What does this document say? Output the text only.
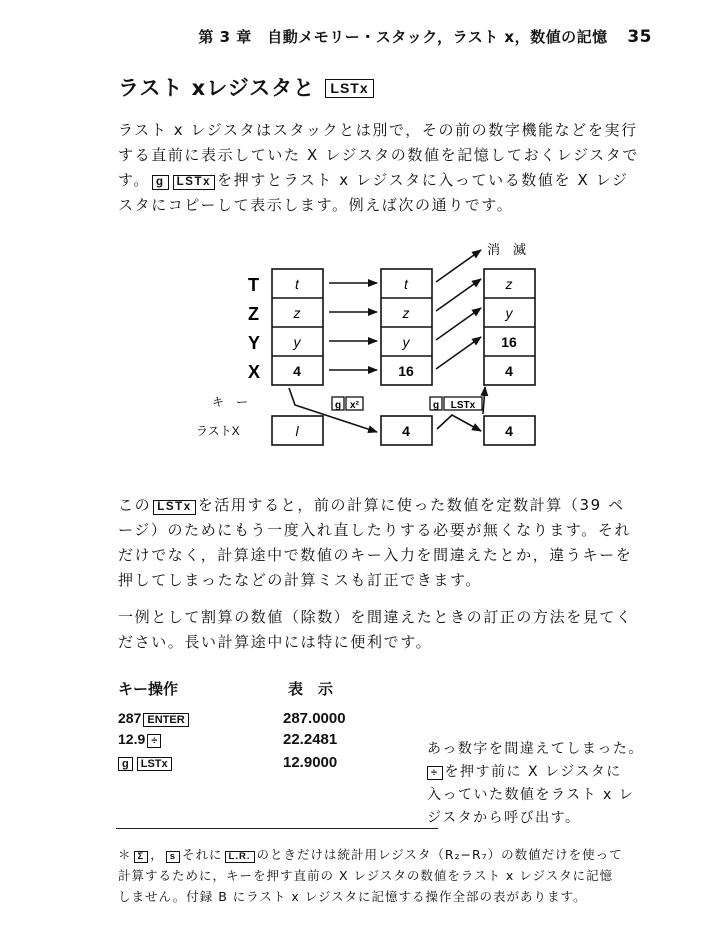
第 3 章　自動メモリー・スタック，ラスト x，数値の記憶 35
ラスト xレジスタと LSTx
ラスト x レジスタはスタックとは別で，その前の数字機能などを実行
する直前に表示していた X レジスタの数値を記憶しておくレジスタで
す。 g LSTx を押すとラスト x レジスタに入っている数値を X レジ
スタにコピーして表示します。例えば次の通りです。
消　滅
T
Z
Y
X
キ　ー
ラストX
t
z
y
4
l
t
z
y
16
4
z
y
16
4
4
g x²	g LSTx
この LSTx を活用すると，前の計算に使った数値を定数計算（39 ペ
ージ）のためにもう一度入れ直したりする必要が無くなります。それ
だけでなく，計算途中で数値のキー入力を間違えたとか，違うキーを
押してしまったなどの計算ミスも訂正できます。
一例として割算の数値（除数）を間違えたときの訂正の方法を見てく
ださい。長い計算途中には特に便利です。
キー操作	表　示
287 ENTER	287.0000
12.9 ÷	22.2481
g LSTx	12.9000
あっ数字を間違えてしまった。
÷ を押す前に X レジスタに
入っていた数値をラスト x レ
ジスタから呼び出す。
＊ Σ ， s それに L.R. のときだけは統計用レジスタ（R₂−R₇）の数値だけを使って
計算するために，キーを押す直前の X レジスタの数値をラスト x レジスタに記憶
しません。付録 B にラスト x レジスタに記憶する操作全部の表があります。
